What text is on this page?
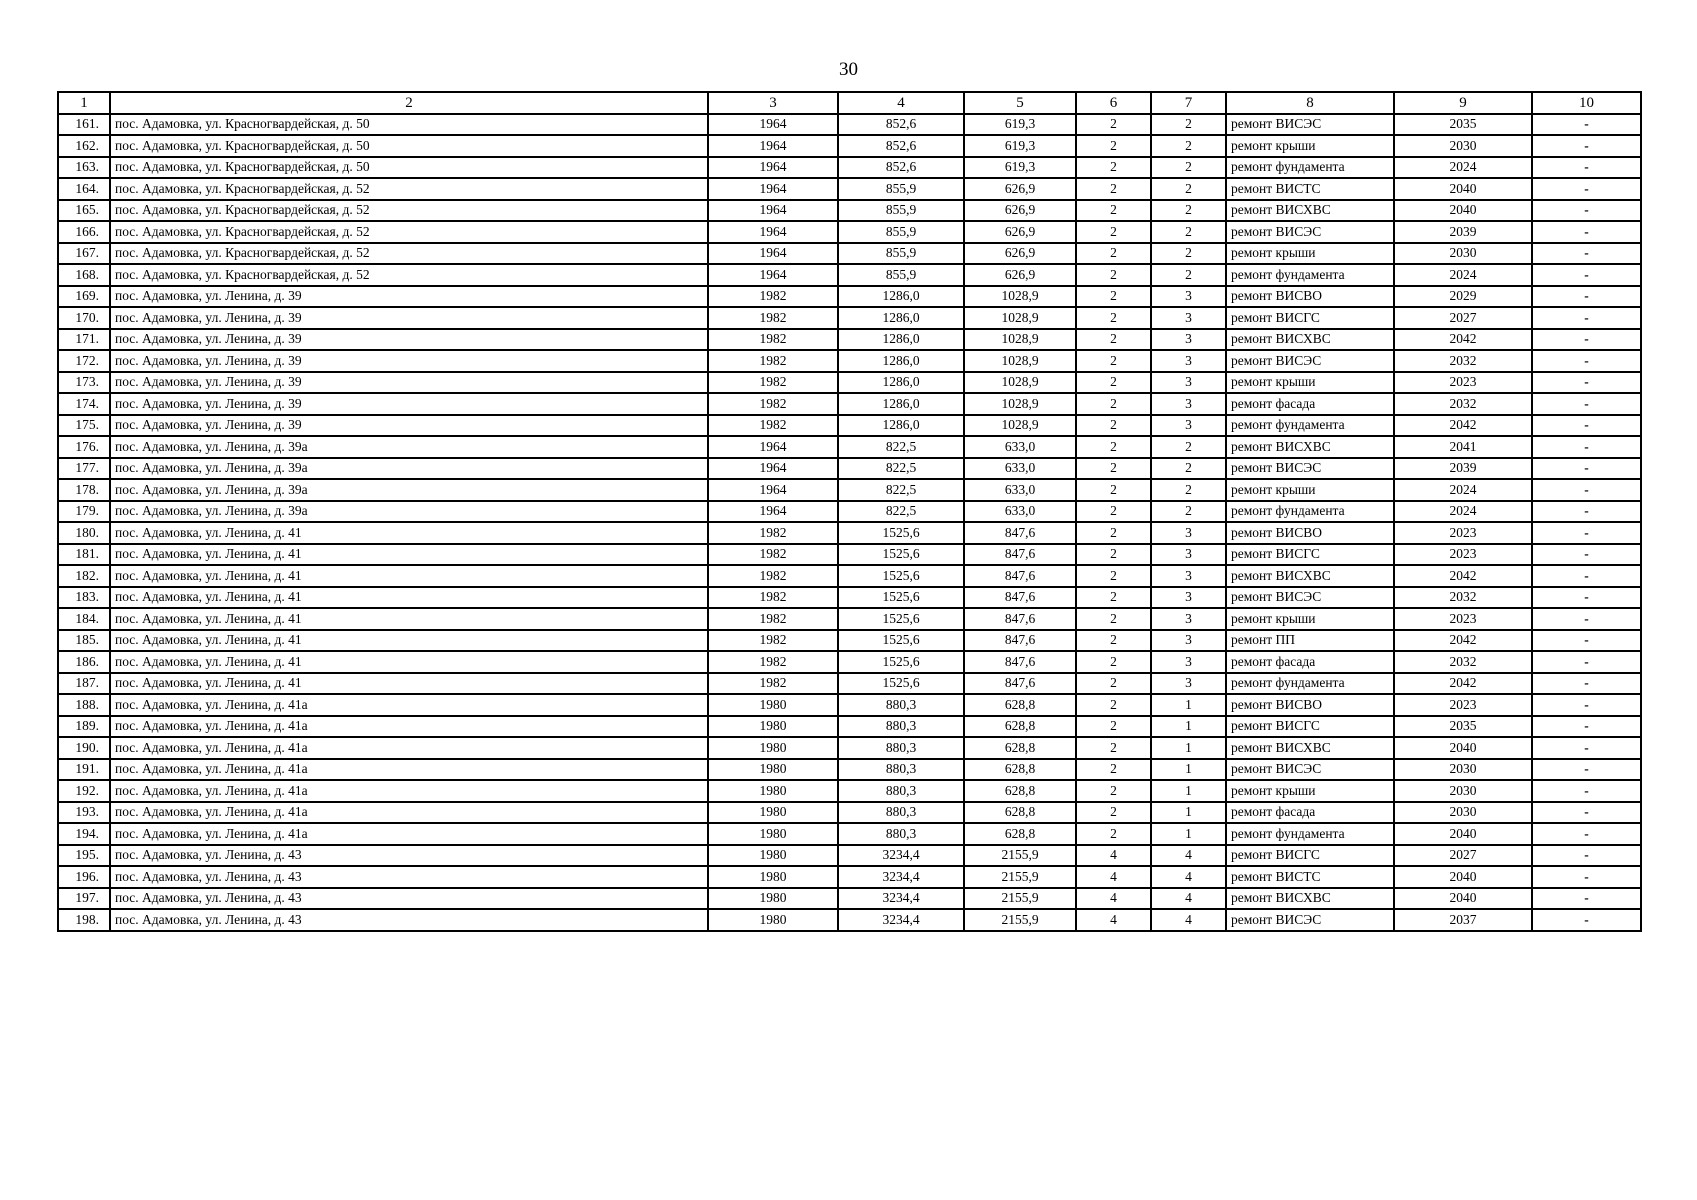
30
1	2	3	4	5	6	7	8	9	10
161.	пос. Адамовка, ул. Красногвардейская, д. 50	1964	852,6	619,3	2	2	ремонт ВИСЭС	2035	-
162.	пос. Адамовка, ул. Красногвардейская, д. 50	1964	852,6	619,3	2	2	ремонт крыши	2030	-
163.	пос. Адамовка, ул. Красногвардейская, д. 50	1964	852,6	619,3	2	2	ремонт фундамента	2024	-
164.	пос. Адамовка, ул. Красногвардейская, д. 52	1964	855,9	626,9	2	2	ремонт ВИСТС	2040	-
165.	пос. Адамовка, ул. Красногвардейская, д. 52	1964	855,9	626,9	2	2	ремонт ВИСХВС	2040	-
166.	пос. Адамовка, ул. Красногвардейская, д. 52	1964	855,9	626,9	2	2	ремонт ВИСЭС	2039	-
167.	пос. Адамовка, ул. Красногвардейская, д. 52	1964	855,9	626,9	2	2	ремонт крыши	2030	-
168.	пос. Адамовка, ул. Красногвардейская, д. 52	1964	855,9	626,9	2	2	ремонт фундамента	2024	-
169.	пос. Адамовка, ул. Ленина, д. 39	1982	1286,0	1028,9	2	3	ремонт ВИСВО	2029	-
170.	пос. Адамовка, ул. Ленина, д. 39	1982	1286,0	1028,9	2	3	ремонт ВИСГС	2027	-
171.	пос. Адамовка, ул. Ленина, д. 39	1982	1286,0	1028,9	2	3	ремонт ВИСХВС	2042	-
172.	пос. Адамовка, ул. Ленина, д. 39	1982	1286,0	1028,9	2	3	ремонт ВИСЭС	2032	-
173.	пос. Адамовка, ул. Ленина, д. 39	1982	1286,0	1028,9	2	3	ремонт крыши	2023	-
174.	пос. Адамовка, ул. Ленина, д. 39	1982	1286,0	1028,9	2	3	ремонт фасада	2032	-
175.	пос. Адамовка, ул. Ленина, д. 39	1982	1286,0	1028,9	2	3	ремонт фундамента	2042	-
176.	пос. Адамовка, ул. Ленина, д. 39а	1964	822,5	633,0	2	2	ремонт ВИСХВС	2041	-
177.	пос. Адамовка, ул. Ленина, д. 39а	1964	822,5	633,0	2	2	ремонт ВИСЭС	2039	-
178.	пос. Адамовка, ул. Ленина, д. 39а	1964	822,5	633,0	2	2	ремонт крыши	2024	-
179.	пос. Адамовка, ул. Ленина, д. 39а	1964	822,5	633,0	2	2	ремонт фундамента	2024	-
180.	пос. Адамовка, ул. Ленина, д. 41	1982	1525,6	847,6	2	3	ремонт ВИСВО	2023	-
181.	пос. Адамовка, ул. Ленина, д. 41	1982	1525,6	847,6	2	3	ремонт ВИСГС	2023	-
182.	пос. Адамовка, ул. Ленина, д. 41	1982	1525,6	847,6	2	3	ремонт ВИСХВС	2042	-
183.	пос. Адамовка, ул. Ленина, д. 41	1982	1525,6	847,6	2	3	ремонт ВИСЭС	2032	-
184.	пос. Адамовка, ул. Ленина, д. 41	1982	1525,6	847,6	2	3	ремонт крыши	2023	-
185.	пос. Адамовка, ул. Ленина, д. 41	1982	1525,6	847,6	2	3	ремонт ПП	2042	-
186.	пос. Адамовка, ул. Ленина, д. 41	1982	1525,6	847,6	2	3	ремонт фасада	2032	-
187.	пос. Адамовка, ул. Ленина, д. 41	1982	1525,6	847,6	2	3	ремонт фундамента	2042	-
188.	пос. Адамовка, ул. Ленина, д. 41а	1980	880,3	628,8	2	1	ремонт ВИСВО	2023	-
189.	пос. Адамовка, ул. Ленина, д. 41а	1980	880,3	628,8	2	1	ремонт ВИСГС	2035	-
190.	пос. Адамовка, ул. Ленина, д. 41а	1980	880,3	628,8	2	1	ремонт ВИСХВС	2040	-
191.	пос. Адамовка, ул. Ленина, д. 41а	1980	880,3	628,8	2	1	ремонт ВИСЭС	2030	-
192.	пос. Адамовка, ул. Ленина, д. 41а	1980	880,3	628,8	2	1	ремонт крыши	2030	-
193.	пос. Адамовка, ул. Ленина, д. 41а	1980	880,3	628,8	2	1	ремонт фасада	2030	-
194.	пос. Адамовка, ул. Ленина, д. 41а	1980	880,3	628,8	2	1	ремонт фундамента	2040	-
195.	пос. Адамовка, ул. Ленина, д. 43	1980	3234,4	2155,9	4	4	ремонт ВИСГС	2027	-
196.	пос. Адамовка, ул. Ленина, д. 43	1980	3234,4	2155,9	4	4	ремонт ВИСТС	2040	-
197.	пос. Адамовка, ул. Ленина, д. 43	1980	3234,4	2155,9	4	4	ремонт ВИСХВС	2040	-
198.	пос. Адамовка, ул. Ленина, д. 43	1980	3234,4	2155,9	4	4	ремонт ВИСЭС	2037	-
